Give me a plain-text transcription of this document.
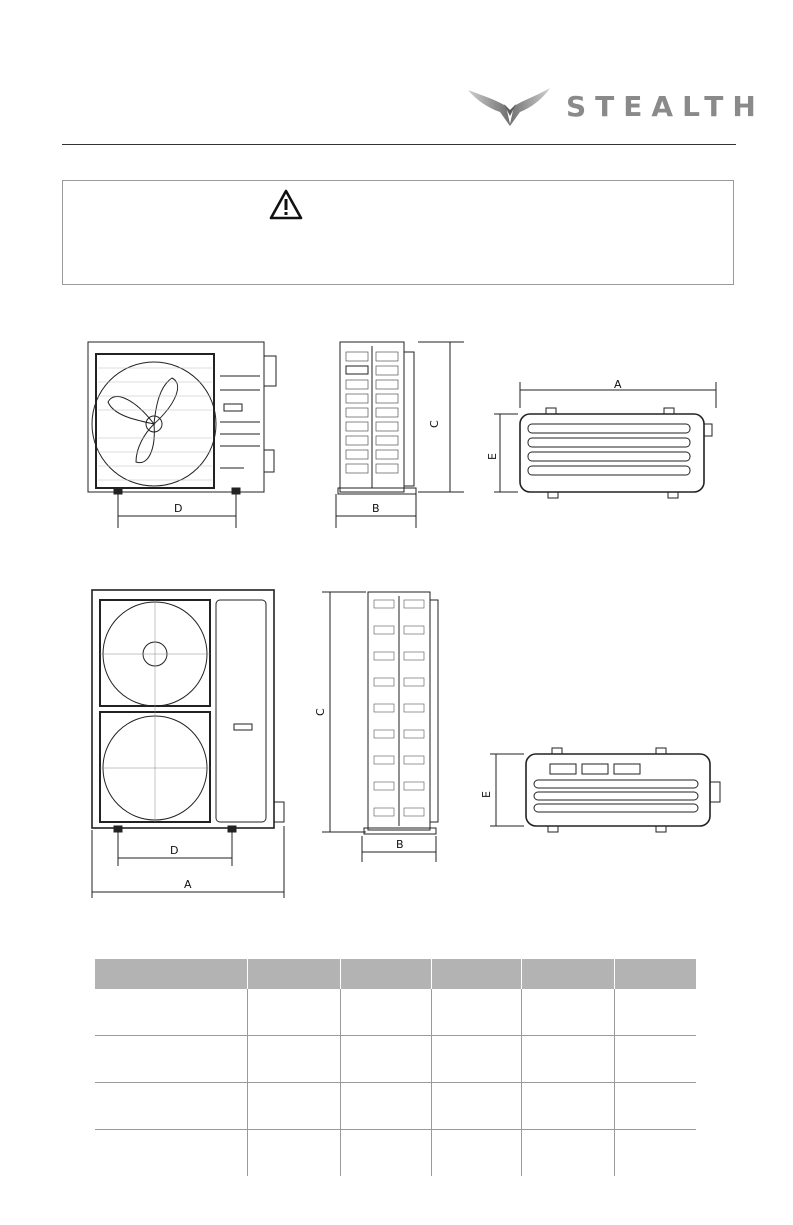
STEALTH
D
C
B
A
E
D
A
C
B
E
